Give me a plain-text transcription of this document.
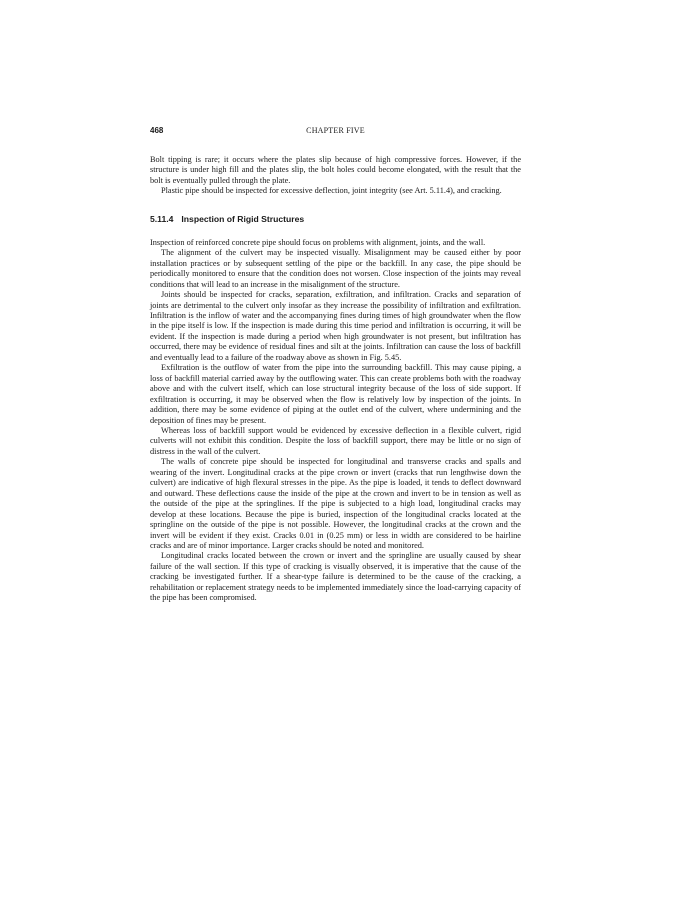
468	CHAPTER FIVE

Bolt tipping is rare; it occurs where the plates slip because of high compressive forces. However, if the structure is under high fill and the plates slip, the bolt holes could become elongated, with the result that the bolt is eventually pulled through the plate.

Plastic pipe should be inspected for excessive deflection, joint integrity (see Art. 5.11.4), and cracking.

5.11.4 Inspection of Rigid Structures

Inspection of reinforced concrete pipe should focus on problems with alignment, joints, and the wall.

The alignment of the culvert may be inspected visually. Misalignment may be caused either by poor installation practices or by subsequent settling of the pipe or the backfill. In any case, the pipe should be periodically monitored to ensure that the condition does not worsen. Close inspection of the joints may reveal conditions that will lead to an increase in the misalignment of the structure.

Joints should be inspected for cracks, separation, exfiltration, and infiltration. Cracks and separation of joints are detrimental to the culvert only insofar as they increase the possibility of infiltration and exfiltration. Infiltration is the inflow of water and the accompanying fines during times of high groundwater when the flow in the pipe itself is low. If the inspection is made during this time period and infiltration is occurring, it will be evident. If the inspection is made during a period when high groundwater is not present, but infiltration has occurred, there may be evidence of residual fines and silt at the joints. Infiltration can cause the loss of backfill and eventually lead to a failure of the roadway above as shown in Fig. 5.45.

Exfiltration is the outflow of water from the pipe into the surrounding backfill. This may cause piping, a loss of backfill material carried away by the outflowing water. This can create problems both with the roadway above and with the culvert itself, which can lose structural integrity because of the loss of side support. If exfiltration is occurring, it may be observed when the flow is relatively low by inspection of the joints. In addition, there may be some evidence of piping at the outlet end of the culvert, where undermining and the deposition of fines may be present.

Whereas loss of backfill support would be evidenced by excessive deflection in a flexible culvert, rigid culverts will not exhibit this condition. Despite the loss of backfill support, there may be little or no sign of distress in the wall of the culvert.

The walls of concrete pipe should be inspected for longitudinal and transverse cracks and spalls and wearing of the invert. Longitudinal cracks at the pipe crown or invert (cracks that run lengthwise down the culvert) are indicative of high flexural stresses in the pipe. As the pipe is loaded, it tends to deflect downward and outward. These deflections cause the inside of the pipe at the crown and invert to be in tension as well as the outside of the pipe at the springlines. If the pipe is subjected to a high load, longitudinal cracks may develop at these locations. Because the pipe is buried, inspection of the longitudinal cracks located at the springline on the outside of the pipe is not possible. However, the longitudinal cracks at the crown and the invert will be evident if they exist. Cracks 0.01 in (0.25 mm) or less in width are considered to be hairline cracks and are of minor importance. Larger cracks should be noted and monitored.

Longitudinal cracks located between the crown or invert and the springline are usually caused by shear failure of the wall section. If this type of cracking is visually observed, it is imperative that the cause of the cracking be investigated further. If a shear-type failure is determined to be the cause of the cracking, a rehabilitation or replacement strategy needs to be implemented immediately since the load-carrying capacity of the pipe has been compromised.
